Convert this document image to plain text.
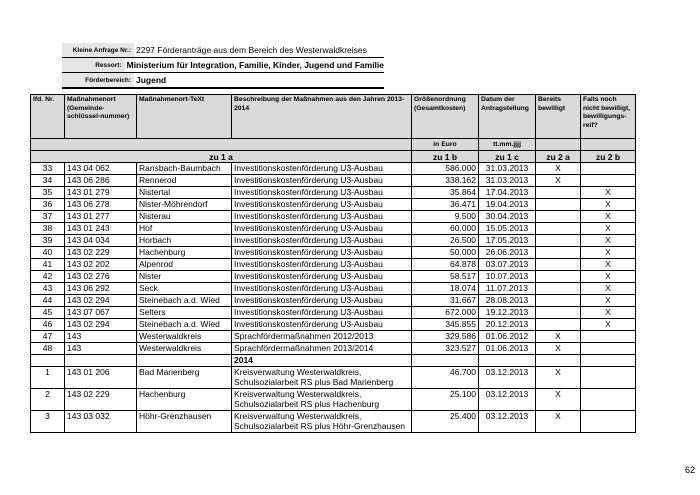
Kleine Anfrage Nr.: 2297 Förderanträge aus dem Bereich des Westerwaldkreises
Ressort: Ministerium für Integration, Familie, Kinder, Jugend und Familie
Förderbereich: Jugend
lfd. Nr.	Maßnahmenort (Gemeinde-schlüssel-nummer)	Maßnahmenort-TeXt	Beschreibung der Maßnahmen aus den Jahren 2013-2014	Größenordnung (Gesamtkosten)	Datum der Antragstellung	Bereits bewilligt	Falls noch nicht bewilligt, bewilligungs-reif?
				in Euro	tt.mm.jjjj		
zu 1 a				zu 1 b	zu 1 c	zu 2 a	zu 2 b
33	143 04 062	Ransbach-Baumbach	Investitionskostenförderung U3-Ausbau	586.000	31.03.2013	X	
34	143 06 286	Rennerod	Investitionskostenförderung U3-Ausbau	338.162	31.03.2013	X	
35	143 01 279	Nistertal	Investitionskostenförderung U3-Ausbau	35.864	17.04.2013		X
36	143 06 278	Nister-Möhrendorf	Investitionskostenförderung U3-Ausbau	36.471	19.04.2013		X
37	143 01 277	Nisterau	Investitionskostenförderung U3-Ausbau	9.500	30.04.2013		X
38	143 01 243	Hof	Investitionskostenförderung U3-Ausbau	60.000	15.05.2013		X
39	143 04 034	Horbach	Investitionskostenförderung U3-Ausbau	26.500	17.05.2013		X
40	143 02 229	Hachenburg	Investitionskostenförderung U3-Ausbau	50.000	26.06.2013		X
41	143 02 202	Alpenrod	Investitionskostenförderung U3-Ausbau	64.878	03.07.2013		X
42	143 02 276	Nister	Investitionskostenförderung U3-Ausbau	58.517	10.07.2013		X
43	143 06 292	Seck	Investitionskostenförderung U3-Ausbau	18.074	11.07.2013		X
44	143 02 294	Steinebach a.d. Wied	Investitionskostenförderung U3-Ausbau	31.667	28.08.2013		X
45	143 07 067	Selters	Investitionskostenförderung U3-Ausbau	672.000	19.12.2013		X
46	143 02 294	Steinebach a.d. Wied	Investitionskostenförderung U3-Ausbau	345.855	20.12.2013		X
47	143	Westerwaldkreis	Sprachfördermaßnahmen 2012/2013	329.586	01.06.2012	X	
48	143	Westerwaldkreis	Sprachfördermaßnahmen 2013/2014	323.527	01.06.2013	X	
			2014				
1	143 01 206	Bad Marienberg	Kreisverwaltung Westerwaldkreis,
Schulsozialarbeit RS plus Bad Marienberg	46.700	03.12.2013	X	
2	143 02 229	Hachenburg	Kreisverwaltung Westerwaldkreis,
Schulsozialarbeit RS plus Hachenburg	25.100	03.12.2013	X	
3	143 03 032	Höhr-Grenzhausen	Kreisverwaltung Westerwaldkreis,
Schulsozialarbeit RS plus Höhr-Grenzhausen	25.400	03.12.2013	X	
62
